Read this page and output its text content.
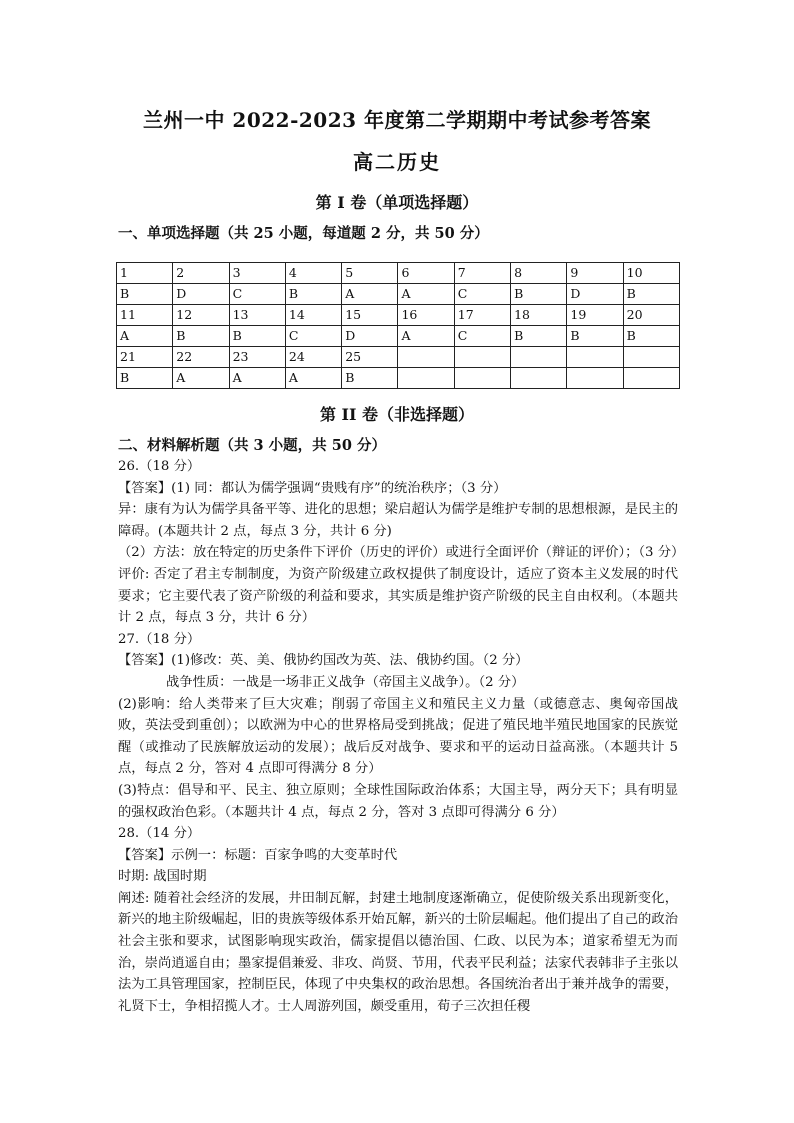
兰州一中 2022-2023 年度第二学期期中考试参考答案
高二历史
第 I 卷（单项选择题）
一、单项选择题（共 25 小题，每道题 2 分，共 50 分）
1	2	3	4	5	6	7	8	9	10
B	D	C	B	A	A	C	B	D	B
11	12	13	14	15	16	17	18	19	20
A	B	B	C	D	A	C	B	B	B
21	22	23	24	25					
B	A	A	A	B					
第 II 卷（非选择题）
二、材料解析题（共 3 小题，共 50 分）

26.（18 分）

【答案】(1) 同：都认为儒学强调“贵贱有序”的统治秩序；（3 分）

异：康有为认为儒学具备平等、进化的思想；梁启超认为儒学是维护专制的思想根源，是民主的障碍。(本题共计 2 点，每点 3 分，共计 6 分)

（2）方法：放在特定的历史条件下评价（历史的评价）或进行全面评价（辩证的评价）；（3 分）

评价: 否定了君主专制制度，为资产阶级建立政权提供了制度设计，适应了资本主义发展的时代要求；它主要代表了资产阶级的利益和要求，其实质是维护资产阶级的民主自由权利。（本题共计 2 点，每点 3 分，共计 6 分）

27.（18 分）

【答案】(1)修改：英、美、俄协约国改为英、法、俄协约国。（2 分）

战争性质：一战是一场非正义战争（帝国主义战争）。（2 分）

(2)影响：给人类带来了巨大灾难；削弱了帝国主义和殖民主义力量（或德意志、奥匈帝国战败，英法受到重创）；以欧洲为中心的世界格局受到挑战；促进了殖民地半殖民地国家的民族觉醒（或推动了民族解放运动的发展）；战后反对战争、要求和平的运动日益高涨。（本题共计 5 点，每点 2 分，答对 4 点即可得满分 8 分）

(3)特点：倡导和平、民主、独立原则；全球性国际政治体系；大国主导，两分天下；具有明显的强权政治色彩。（本题共计 4 点，每点 2 分，答对 3 点即可得满分 6 分）

28.（14 分）

【答案】示例一：标题：百家争鸣的大变革时代

时期: 战国时期

阐述: 随着社会经济的发展，井田制瓦解，封建土地制度逐渐确立，促使阶级关系出现新变化，新兴的地主阶级崛起，旧的贵族等级体系开始瓦解，新兴的士阶层崛起。他们提出了自己的政治社会主张和要求，试图影响现实政治，儒家提倡以德治国、仁政、以民为本；道家希望无为而治，崇尚逍遥自由；墨家提倡兼爱、非攻、尚贤、节用，代表平民利益；法家代表韩非子主张以法为工具管理国家，控制臣民，体现了中央集权的政治思想。各国统治者出于兼并战争的需要，礼贤下士，争相招揽人才。士人周游列国，颇受重用，荀子三次担任稷
